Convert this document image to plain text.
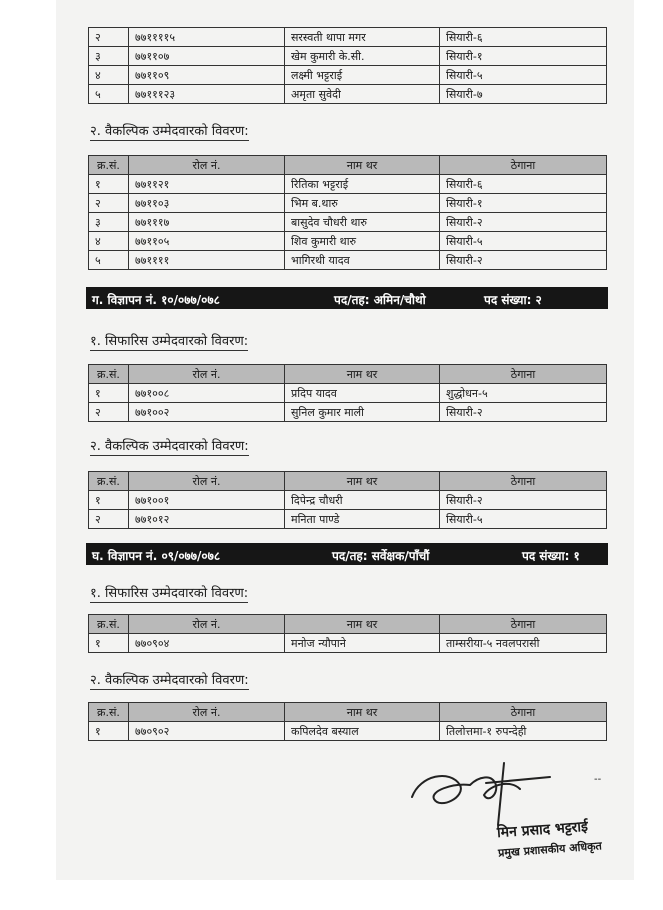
२	७७११११५	सरस्वती थापा मगर	सियारी-६
३	७७११०७	खेम कुमारी के.सी.	सियारी-१
४	७७११०९	लक्ष्मी भट्टराई	सियारी-५
५	७७१११२३	अमृता सुवेदी	सियारी-७
२. वैकल्पिक उम्मेदवारको विवरण:
क्र.सं.	रोल नं.	नाम थर	ठेगाना
१	७७११२१	रितिका भट्टराई	सियारी-६
२	७७११०३	भिम ब.थारु	सियारी-१
३	७७१११७	बासुदेव चौधरी थारु	सियारी-२
४	७७११०५	शिव कुमारी थारु	सियारी-५
५	७७११११	भागिरथी यादव	सियारी-२
ग. विज्ञापन नं. १०/०७७/०७८	पद/तह: अमिन/चौथो	पद संख्या: २
१. सिफारिस उम्मेदवारको विवरण:
क्र.सं.	रोल नं.	नाम थर	ठेगाना
१	७७१००८	प्रदिप यादव	शुद्धोधन-५
२	७७१००२	सुनिल कुमार माली	सियारी-२
२. वैकल्पिक उम्मेदवारको विवरण:
क्र.सं.	रोल नं.	नाम थर	ठेगाना
१	७७१००१	दिपेन्द्र चौधरी	सियारी-२
२	७७१०१२	मनिता पाण्डे	सियारी-५
घ. विज्ञापन नं. ०९/०७७/०७८	पद/तह: सर्वेक्षक/पाँचौं	पद संख्या: १
१. सिफारिस उम्मेदवारको विवरण:
क्र.सं.	रोल नं.	नाम थर	ठेगाना
१	७७०९०४	मनोज न्यौपाने	ताम्सरीया-५ नवलपरासी
२. वैकल्पिक उम्मेदवारको विवरण:
क्र.सं.	रोल नं.	नाम थर	ठेगाना
१	७७०९०२	कपिलदेव बस्याल	तिलोत्तमा-१ रुपन्देही
--
मिन प्रसाद भट्टराई
प्रमुख प्रशासकीय अधिकृत
